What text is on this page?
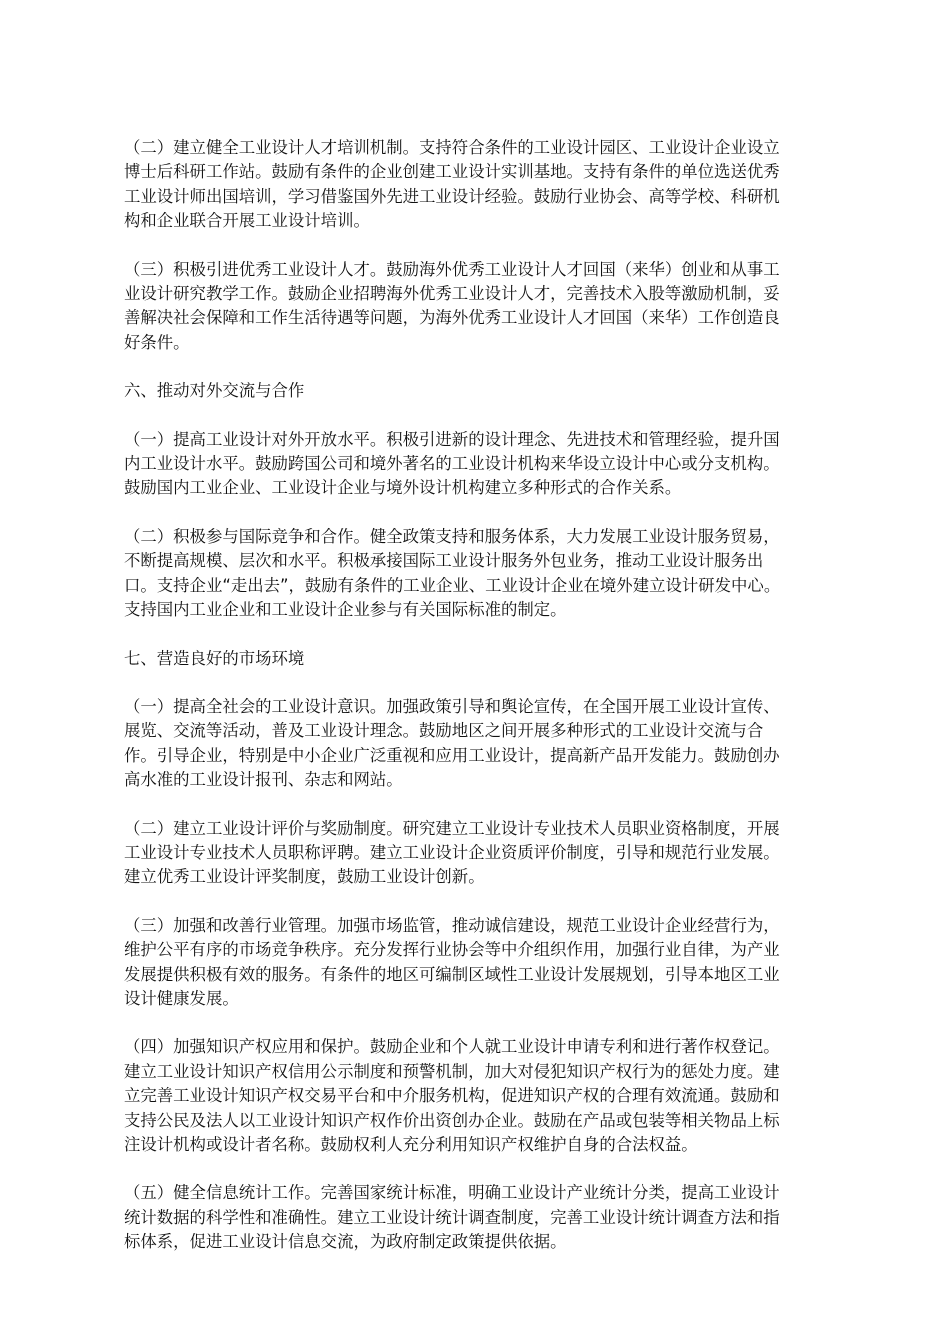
（二）建立健全工业设计人才培训机制。支持符合条件的工业设计园区、工业设计企业设立
博士后科研工作站。鼓励有条件的企业创建工业设计实训基地。支持有条件的单位选送优秀
工业设计师出国培训，学习借鉴国外先进工业设计经验。鼓励行业协会、高等学校、科研机
构和企业联合开展工业设计培训。

（三）积极引进优秀工业设计人才。鼓励海外优秀工业设计人才回国（来华）创业和从事工
业设计研究教学工作。鼓励企业招聘海外优秀工业设计人才，完善技术入股等激励机制，妥
善解决社会保障和工作生活待遇等问题，为海外优秀工业设计人才回国（来华）工作创造良
好条件。

六、推动对外交流与合作

（一）提高工业设计对外开放水平。积极引进新的设计理念、先进技术和管理经验，提升国
内工业设计水平。鼓励跨国公司和境外著名的工业设计机构来华设立设计中心或分支机构。
鼓励国内工业企业、工业设计企业与境外设计机构建立多种形式的合作关系。

（二）积极参与国际竞争和合作。健全政策支持和服务体系，大力发展工业设计服务贸易，
不断提高规模、层次和水平。积极承接国际工业设计服务外包业务，推动工业设计服务出
口。支持企业“走出去”，鼓励有条件的工业企业、工业设计企业在境外建立设计研发中心。
支持国内工业企业和工业设计企业参与有关国际标准的制定。

七、营造良好的市场环境

（一）提高全社会的工业设计意识。加强政策引导和舆论宣传，在全国开展工业设计宣传、
展览、交流等活动，普及工业设计理念。鼓励地区之间开展多种形式的工业设计交流与合
作。引导企业，特别是中小企业广泛重视和应用工业设计，提高新产品开发能力。鼓励创办
高水准的工业设计报刊、杂志和网站。

（二）建立工业设计评价与奖励制度。研究建立工业设计专业技术人员职业资格制度，开展
工业设计专业技术人员职称评聘。建立工业设计企业资质评价制度，引导和规范行业发展。
建立优秀工业设计评奖制度，鼓励工业设计创新。

（三）加强和改善行业管理。加强市场监管，推动诚信建设，规范工业设计企业经营行为，
维护公平有序的市场竞争秩序。充分发挥行业协会等中介组织作用，加强行业自律，为产业
发展提供积极有效的服务。有条件的地区可编制区域性工业设计发展规划，引导本地区工业
设计健康发展。

（四）加强知识产权应用和保护。鼓励企业和个人就工业设计申请专利和进行著作权登记。
建立工业设计知识产权信用公示制度和预警机制，加大对侵犯知识产权行为的惩处力度。建
立完善工业设计知识产权交易平台和中介服务机构，促进知识产权的合理有效流通。鼓励和
支持公民及法人以工业设计知识产权作价出资创办企业。鼓励在产品或包装等相关物品上标
注设计机构或设计者名称。鼓励权利人充分利用知识产权维护自身的合法权益。

（五）健全信息统计工作。完善国家统计标准，明确工业设计产业统计分类，提高工业设计
统计数据的科学性和准确性。建立工业设计统计调查制度，完善工业设计统计调查方法和指
标体系，促进工业设计信息交流，为政府制定政策提供依据。
